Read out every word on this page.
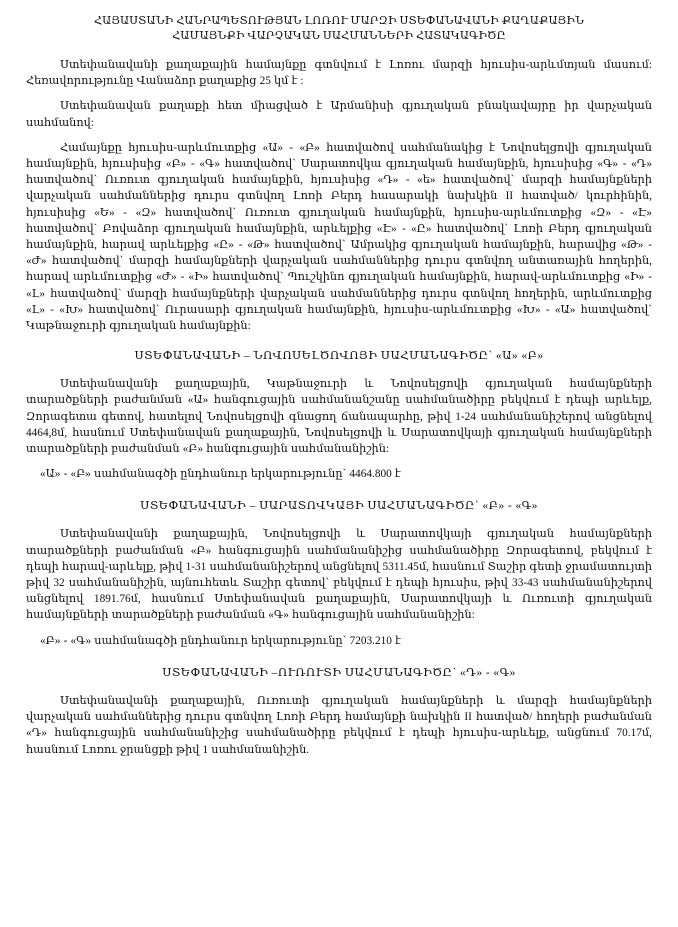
ՀԱՅԱՍՏԱՆԻ ՀԱՆՐԱՊԵՏՈՒԹՅԱՆ ԼՈՌՈՒ ՄԱՐԶԻ ՍՏԵՓԱՆԱՎԱՆԻ ՔԱՂԱՔԱՅԻՆ
ՀԱՄԱՅՆՔԻ ՎԱՐՉԱԿԱՆ ՍԱՀՄԱՆՆԵՐԻ ՀԱՏԱԿԱԳԻԾԸ

Ստեփանավանի քաղաքային համայնքը գտնվում է Լոռու մարզի հյուսիս-արևմտյան մասում: Հեռավորությունը Վանաձոր քաղաքից 25 կմ է :

Ստեփանավան քաղաքի հետ միացված է Արմանիսի գյուղական բնակավայրը իր վարչական սահմանով:

Համայնքը հյուսիս-արևմուտքից «Ա» - «Բ» հատվածով սահմանակից է Նովոսելցովի գյուղական համայնքին, հյուսիսից «Բ» - «Գ» հատվածով` Սարատովկա գյուղական համայնքին, հյուսիսից «Գ» - «Դ» հատվածով` Ուռուտ գյուղական համայնքին, հյուսիսից «Դ» - «ե» հատվածով` մարզի համայնքների վարչական սահմաններից դուրս գտնվող Լոռի Բերդ հասարակի նախկին II հատված/ կուրհինին, հյուսիսից «Ե» - «Զ» հատվածով` Ուռուտ գյուղական համայնքին, հյուսիս-արևմուտքից «Զ» - «Է» հատվածով` Բովաձոր գյուղական համայնքին, արևելքից «Է» - «Ը» հատվածով` Լոռի Բերդ գյուղական համայնքին, հարավ արևելքից «Ը» - «Թ» հատվածով` Ամրակից գյուղական համայնքին, հարավից «Թ» - «Ժ» հատվածով` մարզի համայնքների վարչական սահմաններից դուրս գտնվող անտառային հողերին, հարավ արևմուտքից «Ժ» - «Ի» հատվածով` Պուշկինո գյուղական համայնքին, հարավ-արևմուտքից «Ի» - «Լ» հատվածով` մարզի համայնքների վարչական սահմաններից դուրս գտնվող հողերին, արևմուտքից «Լ» - «Խ» հատվածով` Ուրասարի գյուղական համայնքին, հյուսիս-արևմուտքից «Խ» - «Ա» հատվածով` Կաթնաջուրի գյուղական համայնքին:

ՍՏԵՓԱՆԱՎԱՆԻ – ՆՈՎՈՍԵԼԾՈՎՈՅԻ ՍԱՀՄԱՆԱԳԻԾԸ` «Ա» «Բ»

Ստեփանավանի քաղաքային, Կաթնաջուրի և Նովոսելցովի գյուղական համայնքների տարածքների բաժանման «Ա» հանգուցային սահմանանշանը սահմանածիրը բեկվում է դեպի արևելք, Զորագետա գետով, հատելով Նովոսելցովի գնացող ճանապարհը, թիվ 1-24 սահմանանիշերով անցնելով 4464,8մ, հասնում Ստեփանավան քաղաքային, Նովոսելցովի և Սարատովկայի գյուղական համայնքների տարածքների բաժանման «Բ» հանգուցային սահմանանիշին:

«Ա» - «Բ» սահմանագծի ընդհանուր երկարությունը` 4464.800 է

ՍՏԵՓԱՆԱՎԱՆԻ – ՍԱՐԱՏՈՎԿԱՅԻ ՍԱՀՄԱՆԱԳԻԾԸ` «Բ» - «Գ»

Ստեփանավանի քաղաքային, Նովոսելցովի և Սարատովկայի գյուղական համայնքների տարածքների բաժանման «Բ» հանգուցային սահմանանիշից սահմանածիրը Զորագետով, բեկվում է դեպի հարավ-արևելք, թիվ 1-31 սահմանանիշերով անցնելով 5311.45մ, հասնում Տաշիր գետի ջրամատույտի թիվ 32 սահմանանիշին, այնուհետև Տաշիր գետով` բեկվում է դեպի հյուսիս, թիվ 33-43 սահմանանիշերով անցնելով 1891.76մ, հասնում Ստեփանավան քաղաքային, Սարատովկայի և Ուռուտի գյուղական համայնքների տարածքների բաժանման «Գ» հանգուցային սահմանանիշին:

«Բ» - «Գ» սահմանագծի ընդհանուր երկարությունը` 7203.210 է

ՍՏԵՓԱՆԱՎԱՆԻ –ՈՒՌՈՒՏԻ ՍԱՀՄԱՆԱԳԻԾԸ` «Դ» - «Գ»

Ստեփանավանի քաղաքային, Ուռուտի գյուղական համայնքների և մարզի համայնքների վարչական սահմաններից դուրս գտնվող Լոռի Բերդ համայնքի նախկին II հատված/ հողերի բաժանման «Դ» հանգուցային սահմանանիշից սահմանածիրը բեկվում է դեպի հյուսիս-արևելք, անցնում 70.17մ, հասնում Լոռու ջրանցքի թիվ 1 սահմանանիշին.
